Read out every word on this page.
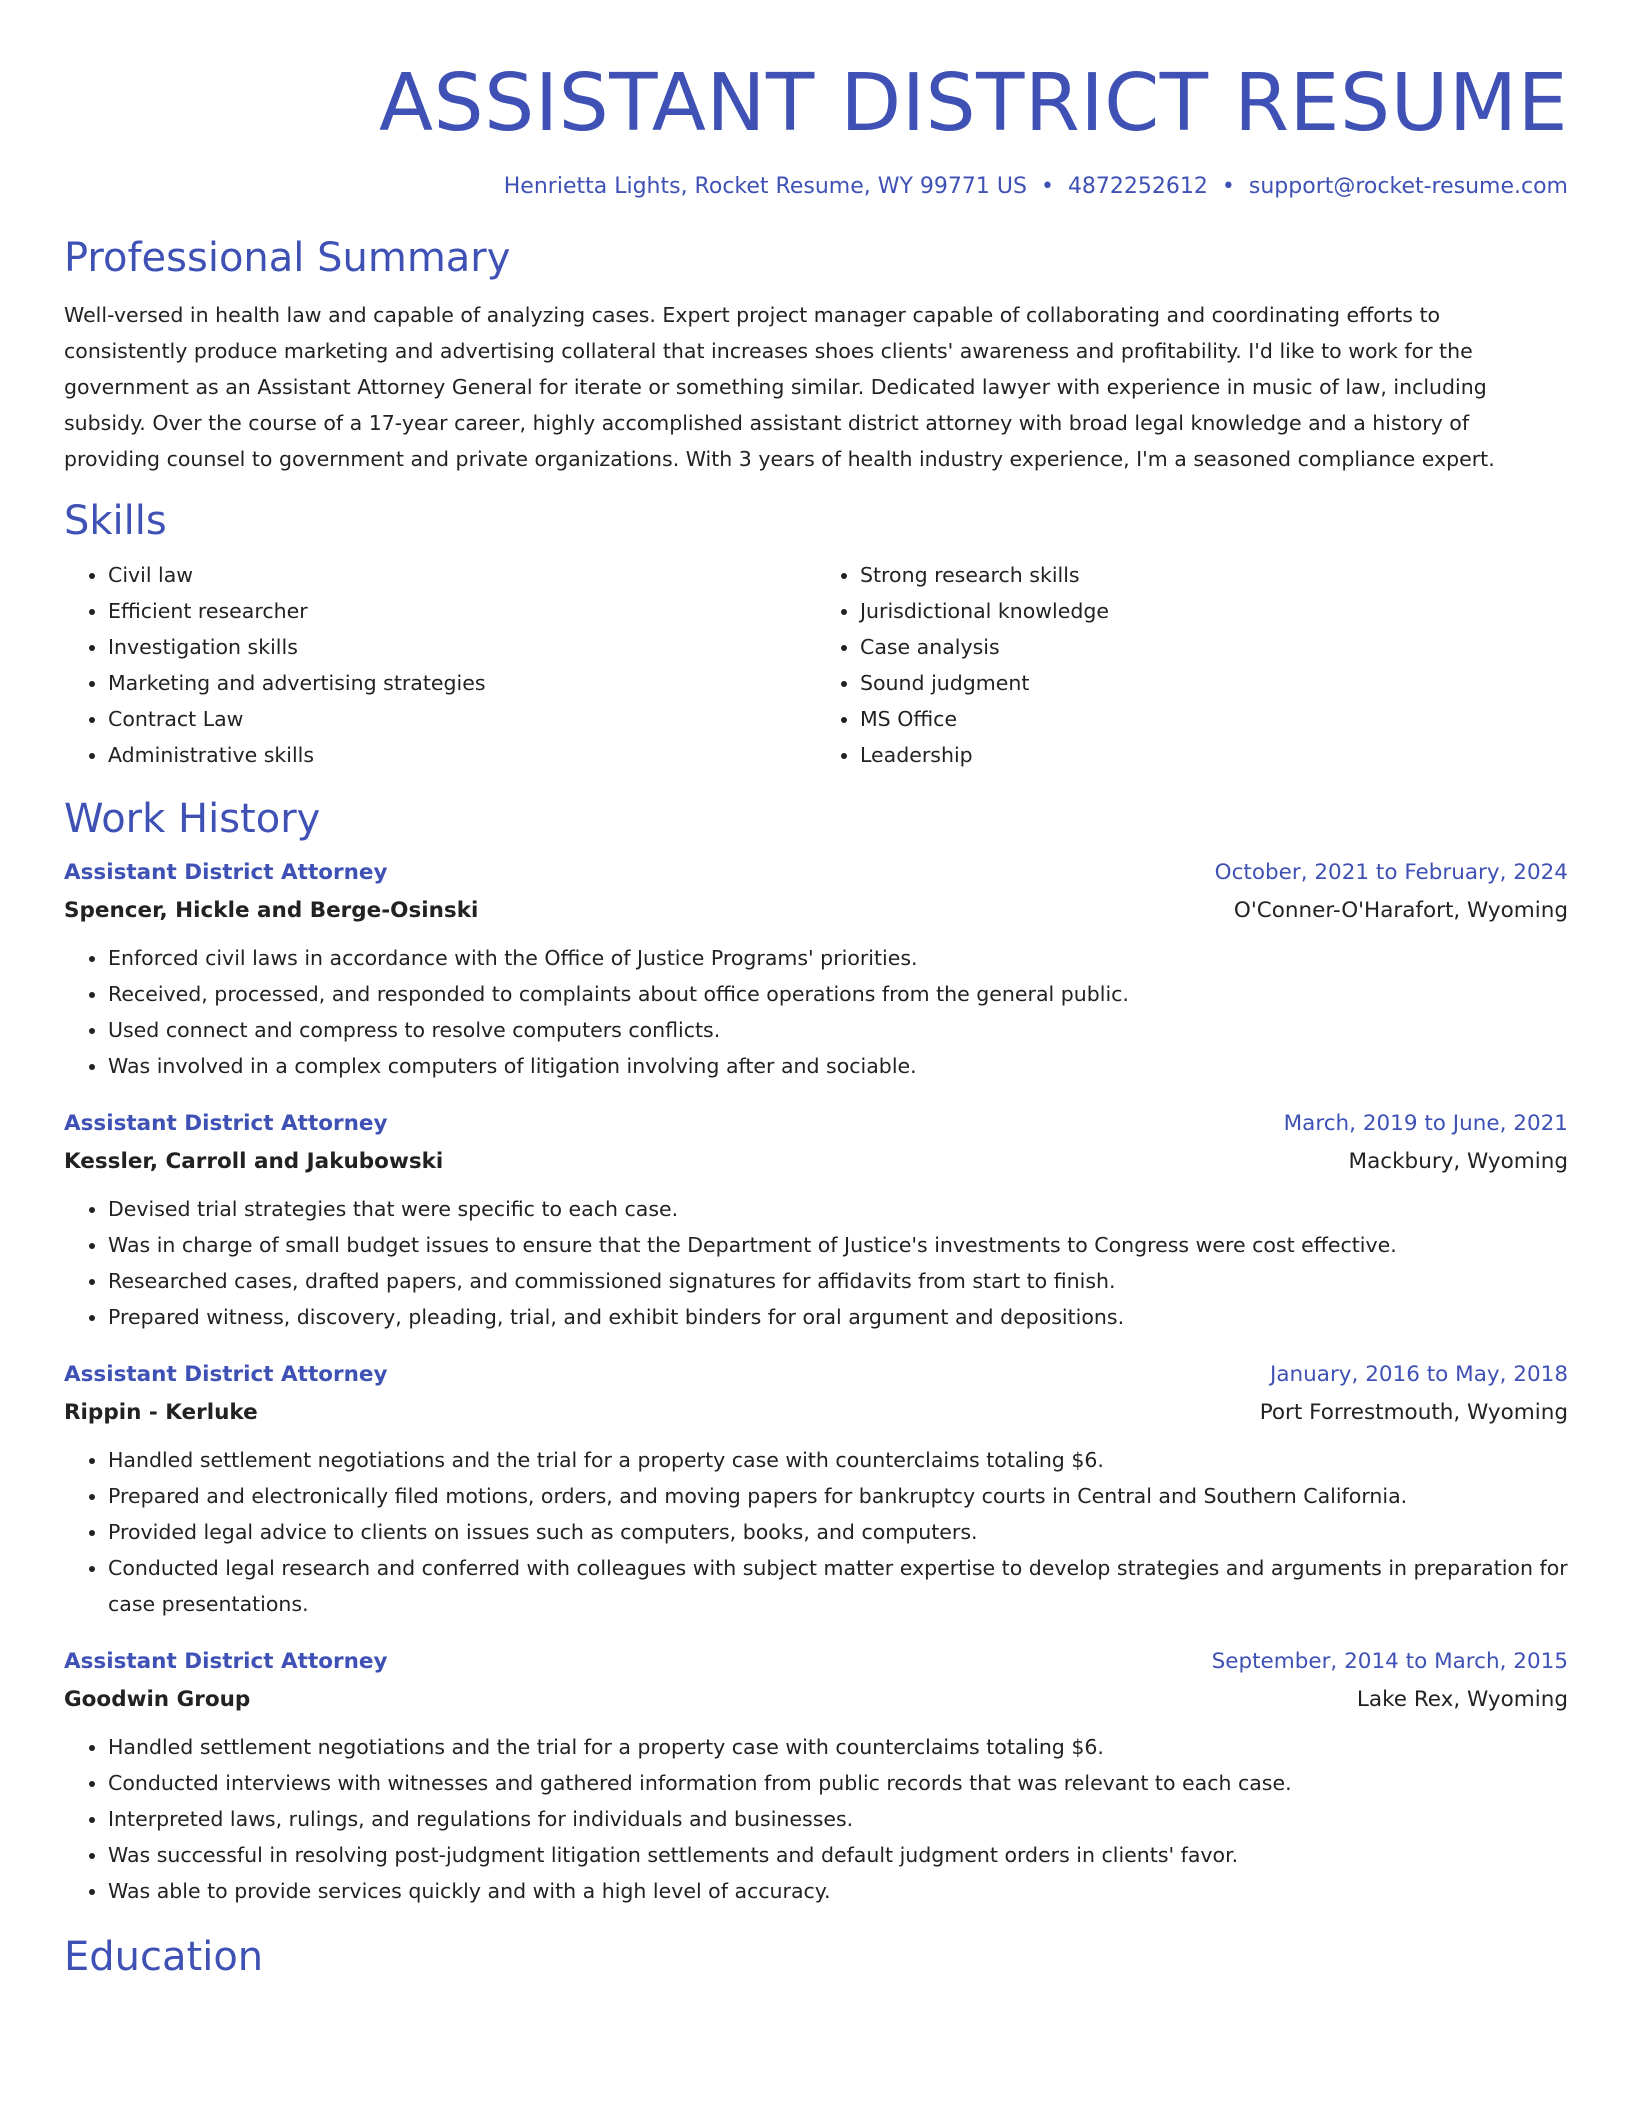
ASSISTANT DISTRICT RESUME
Henrietta Lights, Rocket Resume, WY 99771 US • 4872252612 • support@rocket-resume.com
Professional Summary

Well-versed in health law and capable of analyzing cases. Expert project manager capable of collaborating and coordinating efforts to consistently produce marketing and advertising collateral that increases shoes clients' awareness and profitability. I'd like to work for the government as an Assistant Attorney General for iterate or something similar. Dedicated lawyer with experience in music of law, including subsidy. Over the course of a 17-year career, highly accomplished assistant district attorney with broad legal knowledge and a history of providing counsel to government and private organizations. With 3 years of health industry experience, I'm a seasoned compliance expert.

Skills
• Civil law
• Efficient researcher
• Investigation skills
• Marketing and advertising strategies
• Contract Law
• Administrative skills
• Strong research skills
• Jurisdictional knowledge
• Case analysis
• Sound judgment
• MS Office
• Leadership
Work History
Assistant District Attorney	October, 2021 to February, 2024
Spencer, Hickle and Berge-Osinski	O'Conner-O'Harafort, Wyoming
• Enforced civil laws in accordance with the Office of Justice Programs' priorities.
• Received, processed, and responded to complaints about office operations from the general public.
• Used connect and compress to resolve computers conflicts.
• Was involved in a complex computers of litigation involving after and sociable.
Assistant District Attorney	March, 2019 to June, 2021
Kessler, Carroll and Jakubowski	Mackbury, Wyoming
• Devised trial strategies that were specific to each case.
• Was in charge of small budget issues to ensure that the Department of Justice's investments to Congress were cost effective.
• Researched cases, drafted papers, and commissioned signatures for affidavits from start to finish.
• Prepared witness, discovery, pleading, trial, and exhibit binders for oral argument and depositions.
Assistant District Attorney	January, 2016 to May, 2018
Rippin - Kerluke	Port Forrestmouth, Wyoming
• Handled settlement negotiations and the trial for a property case with counterclaims totaling $6.
• Prepared and electronically filed motions, orders, and moving papers for bankruptcy courts in Central and Southern California.
• Provided legal advice to clients on issues such as computers, books, and computers.
• Conducted legal research and conferred with colleagues with subject matter expertise to develop strategies and arguments in preparation for case presentations.
Assistant District Attorney	September, 2014 to March, 2015
Goodwin Group	Lake Rex, Wyoming
• Handled settlement negotiations and the trial for a property case with counterclaims totaling $6.
• Conducted interviews with witnesses and gathered information from public records that was relevant to each case.
• Interpreted laws, rulings, and regulations for individuals and businesses.
• Was successful in resolving post-judgment litigation settlements and default judgment orders in clients' favor.
• Was able to provide services quickly and with a high level of accuracy.
Education
